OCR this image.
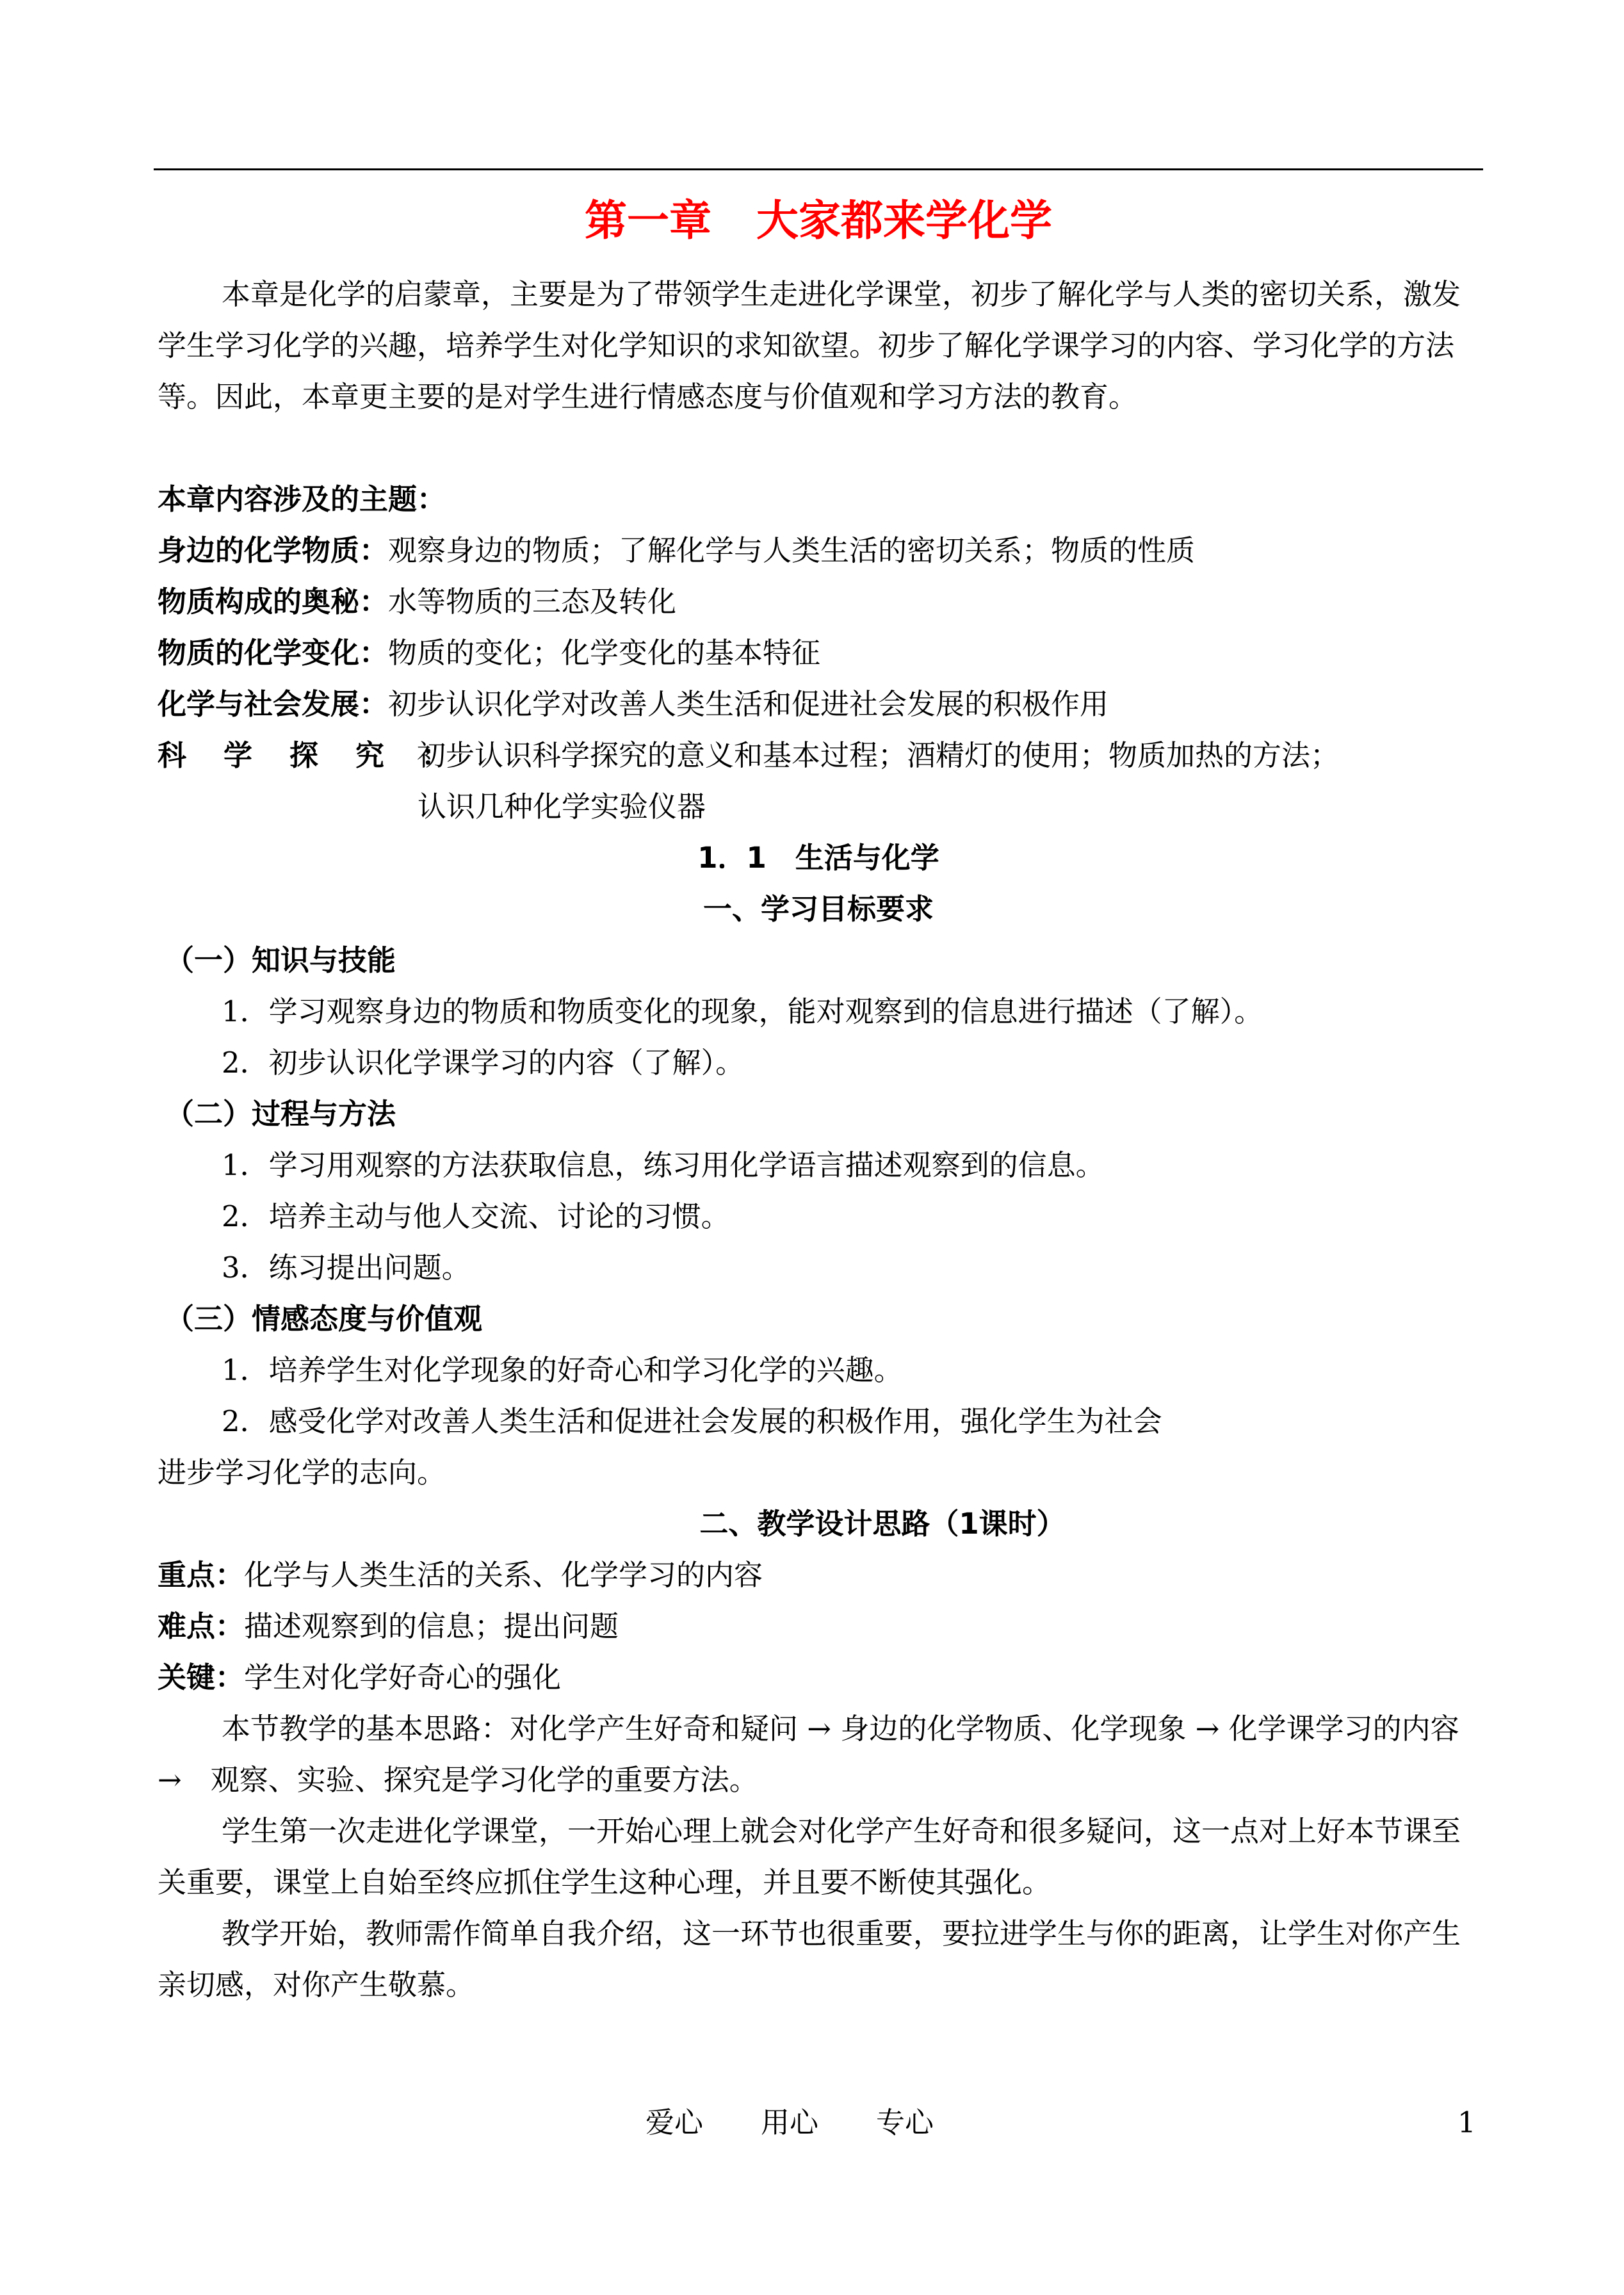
第一章 大家都来学化学
本章是化学的启蒙章，主要是为了带领学生走进化学课堂，初步了解化学与人类的密切关系，激发学生学习化学的兴趣，培养学生对化学知识的求知欲望。初步了解化学课学习的内容、学习化学的方法等。因此，本章更主要的是对学生进行情感态度与价值观和学习方法的教育。
本章内容涉及的主题：
身边的化学物质：观察身边的物质；了解化学与人类生活的密切关系；物质的性质
物质构成的奥秘：水等物质的三态及转化
物质的化学变化：物质的变化；化学变化的基本特征
化学与社会发展：初步认识化学对改善人类生活和促进社会发展的积极作用
科学探究：初步认识科学探究的意义和基本过程；酒精灯的使用；物质加热的方法；
认识几种化学实验仪器
1．1　生活与化学
一、学习目标要求
（一）知识与技能
1．学习观察身边的物质和物质变化的现象，能对观察到的信息进行描述（了解）。
2．初步认识化学课学习的内容（了解）。
（二）过程与方法
1．学习用观察的方法获取信息，练习用化学语言描述观察到的信息。
2．培养主动与他人交流、讨论的习惯。
3．练习提出问题。
（三）情感态度与价值观
1．培养学生对化学现象的好奇心和学习化学的兴趣。
2．感受化学对改善人类生活和促进社会发展的积极作用，强化学生为社会
进步学习化学的志向。
二、教学设计思路（1课时）
重点：化学与人类生活的关系、化学学习的内容
难点：描述观察到的信息；提出问题
关键：学生对化学好奇心的强化
本节教学的基本思路：对化学产生好奇和疑问 → 身边的化学物质、化学现象 → 化学课学习的内容　→　观察、实验、探究是学习化学的重要方法。
学生第一次走进化学课堂，一开始心理上就会对化学产生好奇和很多疑问，这一点对上好本节课至关重要，课堂上自始至终应抓住学生这种心理，并且要不断使其强化。
教学开始，教师需作简单自我介绍，这一环节也很重要，要拉进学生与你的距离，让学生对你产生亲切感，对你产生敬慕。
爱心 用心 专心	1
